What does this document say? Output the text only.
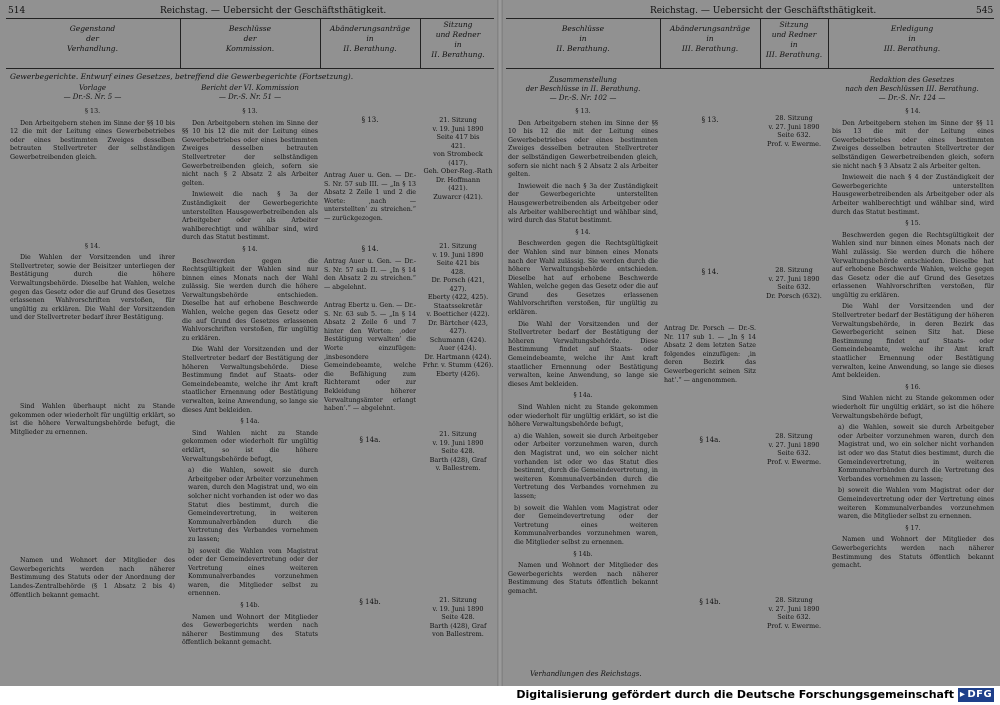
514	Reichstag. — Uebersicht der Geschäftsthätigkeit.
Gegenstand
der
Verhandlung.
Beschlüsse
der
Kommission.
Abänderungsanträge
in
II. Berathung.
Sitzung
und Redner
in
II. Berathung.
Gewerbegerichte. Entwurf eines Gesetzes, betreffend die Gewerbegerichte (Fortsetzung).
Vorlage
— Dr.-S. Nr. 5 —
Bericht der VI. Kommission
— Dr.-S. Nr. 51 —

§ 13.

Den Arbeitgebern stehen im Sinne der §§ 10 bis 12 die mit der Leitung eines Gewerbebetriebes oder eines bestimmten Zweiges desselben betrauten Stellvertreter der selbständigen Gewerbetreibenden gleich.

§ 14.

Die Wahlen der Vorsitzenden und ihrer Stellvertreter, sowie der Beisitzer unterliegen der Bestätigung durch die höhere Verwaltungsbehörde. Dieselbe hat Wahlen, welche gegen das Gesetz oder die auf Grund des Gesetzes erlassenen Wahlvorschriften verstoßen, für ungültig zu erklären. Die Wahl der Vorsitzenden und der Stellvertreter bedarf ihrer Bestätigung.

Sind Wahlen überhaupt nicht zu Stande gekommen oder wiederholt für ungültig erklärt, so ist die höhere Verwaltungsbehörde befugt, die Mitglieder zu ernennen.

Namen und Wohnort der Mitglieder des Gewerbegerichts werden nach näherer Bestimmung des Statuts oder der Anordnung der Landes-Zentralbehörde (§ 1 Absatz 2 bis 4) öffentlich bekannt gemacht.

§ 13.

Den Arbeitgebern stehen im Sinne der §§ 10 bis 12 die mit der Leitung eines Gewerbebetriebes oder eines bestimmten Zweiges desselben betrauten Stellvertreter der selbständigen Gewerbetreibenden gleich, sofern sie nicht nach § 2 Absatz 2 als Arbeiter gelten.

Inwieweit die nach § 3a der Zuständigkeit der Gewerbegerichte unterstellten Hausgewerbetreibenden als Arbeitgeber oder als Arbeiter wahlberechtigt und wählbar sind, wird durch das Statut bestimmt.

§ 14.

Beschwerden gegen die Rechtsgültigkeit der Wahlen sind nur binnen eines Monats nach der Wahl zulässig. Sie werden durch die höhere Verwaltungsbehörde entschieden. Dieselbe hat auf erhobene Beschwerde Wahlen, welche gegen das Gesetz oder die auf Grund des Gesetzes erlassenen Wahlvorschriften verstoßen, für ungültig zu erklären.

Die Wahl der Vorsitzenden und der Stellvertreter bedarf der Bestätigung der höheren Verwaltungsbehörde. Diese Bestimmung findet auf Staats- oder Gemeindebeamte, welche ihr Amt kraft staatlicher Ernennung oder Bestätigung verwalten, keine Anwendung, so lange sie dieses Amt bekleiden.

§ 14a.

Sind Wahlen nicht zu Stande gekommen oder wiederholt für ungültig erklärt, so ist die höhere Verwaltungsbehörde befugt,

a) die Wahlen, soweit sie durch Arbeitgeber oder Arbeiter vorzunehmen waren, durch den Magistrat und, wo ein solcher nicht vorhanden ist oder wo das Statut dies bestimmt, durch die Gemeindevertretung, in weiteren Kommunalverbänden durch die Vertretung des Verbandes vornehmen zu lassen;

b) soweit die Wahlen vom Magistrat oder der Gemeindevertretung oder der Vertretung eines weiteren Kommunalverbandes vorzunehmen waren, die Mitglieder selbst zu ernennen.

§ 14b.

Namen und Wohnort der Mitglieder des Gewerbegerichts werden nach näherer Bestimmung des Statuts öffentlich bekannt gemacht.

§ 13.

Antrag Auer u. Gen. — Dr.-S. Nr. 57 sub III. — „In § 13 Absatz 2 Zeile 1 und 2 die Worte: ‚nach — unterstellten‘ zu streichen.“ — zurückgezogen.

§ 14.

Antrag Auer u. Gen. — Dr.-S. Nr. 57 sub II. — „In § 14 den Absatz 2 zu streichen.“ — abgelehnt.

Antrag Ebertz u. Gen. — Dr.-S. Nr. 63 sub 5. — „In § 14 Absatz 2 Zeile 6 und 7 hinter den Worten: ‚oder Bestätigung verwalten‘ die Worte einzufügen: ‚insbesondere Gemeindebeamte, welche die Befähigung zum Richteramt oder zur Bekleidung höherer Verwaltungsämter erlangt haben‘.“ — abgelehnt.

§ 14a.
§ 14b.
21. Sitzung
v. 19. Juni 1890
Seite 417 bis
421.
von Strombeck
(417).
Geh. Ober-Reg.-Rath Dr. Hoffmann
(421).
Zuwarcr (421).
21. Sitzung
v. 19. Juni 1890
Seite 421 bis
428.
Dr. Porsch (421,
427).
Eberty (422, 425).
Staatssekretär
v. Boetticher (422).
Dr. Bärtcher (423,
427).
Schumann (424).
Auer (424).
Dr. Hartmann (424).
Frhr. v. Stumm (426).
Eberty (426).
21. Sitzung
v. 19. Juni 1890
Seite 428.
Barth (428), Graf
v. Ballestrem.
21. Sitzung
v. 19. Juni 1890
Seite 428.
Barth (428), Graf
von Ballestrem.
Reichstag. — Uebersicht der Geschäftsthätigkeit.	545
Beschlüsse
in
II. Berathung.
Abänderungsanträge
in
III. Berathung.
Sitzung
und Redner
in
III. Berathung.
Erledigung
in
III. Berathung.
Zusammenstellung
der Beschlüsse in II. Berathung.
— Dr.-S. Nr. 102 —
Redaktion des Gesetzes
nach den Beschlüssen III. Berathung.
— Dr.-S. Nr. 124 —

§ 13.

Den Arbeitgebern stehen im Sinne der §§ 10 bis 12 die mit der Leitung eines Gewerbebetriebes oder eines bestimmten Zweiges desselben betrauten Stellvertreter der selbständigen Gewerbetreibenden gleich, sofern sie nicht nach § 2 Absatz 2 als Arbeiter gelten.

Inwieweit die nach § 3a der Zuständigkeit der Gewerbegerichte unterstellten Hausgewerbetreibenden als Arbeitgeber oder als Arbeiter wahlberechtigt und wählbar sind, wird durch das Statut bestimmt.

§ 14.

Beschwerden gegen die Rechtsgültigkeit der Wahlen sind nur binnen eines Monats nach der Wahl zulässig. Sie werden durch die höhere Verwaltungsbehörde entschieden. Dieselbe hat auf erhobene Beschwerde Wahlen, welche gegen das Gesetz oder die auf Grund des Gesetzes erlassenen Wahlvorschriften verstoßen, für ungültig zu erklären.

Die Wahl der Vorsitzenden und der Stellvertreter bedarf der Bestätigung der höheren Verwaltungsbehörde. Diese Bestimmung findet auf Staats- oder Gemeindebeamte, welche ihr Amt kraft staatlicher Ernennung oder Bestätigung verwalten, keine Anwendung, so lange sie dieses Amt bekleiden.

§ 14a.

Sind Wahlen nicht zu Stande gekommen oder wiederholt für ungültig erklärt, so ist die höhere Verwaltungsbehörde befugt,

a) die Wahlen, soweit sie durch Arbeitgeber oder Arbeiter vorzunehmen waren, durch den Magistrat und, wo ein solcher nicht vorhanden ist oder wo das Statut dies bestimmt, durch die Gemeindevertretung, in weiteren Kommunalverbänden durch die Vertretung des Verbandes vornehmen zu lassen;

b) soweit die Wahlen vom Magistrat oder der Gemeindevertretung oder der Vertretung eines weiteren Kommunalverbandes vorzunehmen waren, die Mitglieder selbst zu ernennen.

§ 14b.

Namen und Wohnort der Mitglieder des Gewerbegerichts werden nach näherer Bestimmung des Statuts öffentlich bekannt gemacht.

§ 13.
§ 14.

Antrag Dr. Porsch — Dr.-S. Nr. 117 sub 1. — „In § 14 Absatz 2 dem letzten Satze folgendes einzufügen: ‚in deren Bezirk das Gewerbegericht seinen Sitz hat‘.“ — angenommen.

§ 14a.
§ 14b.
28. Sitzung
v. 27. Juni 1890
Seite 632.
Prof. v. Ewerme.
28. Sitzung
v. 27. Juni 1890
Seite 632.
Dr. Porsch (632).
28. Sitzung
v. 27. Juni 1890
Seite 632.
Prof. v. Ewerme.
28. Sitzung
v. 27. Juni 1890
Seite 632.
Prof. v. Ewerme.

§ 14.

Den Arbeitgebern stehen im Sinne der §§ 11 bis 13 die mit der Leitung eines Gewerbebetriebes oder eines bestimmten Zweiges desselben betrauten Stellvertreter der selbständigen Gewerbetreibenden gleich, sofern sie nicht nach § 3 Absatz 2 als Arbeiter gelten.

Inwieweit die nach § 4 der Zuständigkeit der Gewerbegerichte unterstellten Hausgewerbetreibenden als Arbeitgeber oder als Arbeiter wahlberechtigt und wählbar sind, wird durch das Statut bestimmt.

§ 15.

Beschwerden gegen die Rechtsgültigkeit der Wahlen sind nur binnen eines Monats nach der Wahl zulässig. Sie werden durch die höhere Verwaltungsbehörde entschieden. Dieselbe hat auf erhobene Beschwerde Wahlen, welche gegen das Gesetz oder die auf Grund des Gesetzes erlassenen Wahlvorschriften verstoßen, für ungültig zu erklären.

Die Wahl der Vorsitzenden und der Stellvertreter bedarf der Bestätigung der höheren Verwaltungsbehörde, in deren Bezirk das Gewerbegericht seinen Sitz hat. Diese Bestimmung findet auf Staats- oder Gemeindebeamte, welche ihr Amt kraft staatlicher Ernennung oder Bestätigung verwalten, keine Anwendung, so lange sie dieses Amt bekleiden.

§ 16.

Sind Wahlen nicht zu Stande gekommen oder wiederholt für ungültig erklärt, so ist die höhere Verwaltungsbehörde befugt,

a) die Wahlen, soweit sie durch Arbeitgeber oder Arbeiter vorzunehmen waren, durch den Magistrat und, wo ein solcher nicht vorhanden ist oder wo das Statut dies bestimmt, durch die Gemeindevertretung, in weiteren Kommunalverbänden durch die Vertretung des Verbandes vornehmen zu lassen;

b) soweit die Wahlen vom Magistrat oder der Gemeindevertretung oder der Vertretung eines weiteren Kommunalverbandes vorzunehmen waren, die Mitglieder selbst zu ernennen.

§ 17.

Namen und Wohnort der Mitglieder des Gewerbegerichts werden nach näherer Bestimmung des Statuts öffentlich bekannt gemacht.

Verhandlungen des Reichstags.
Digitalisierung gefördert durch die Deutsche Forschungsgemeinschaft ▸ DFG
